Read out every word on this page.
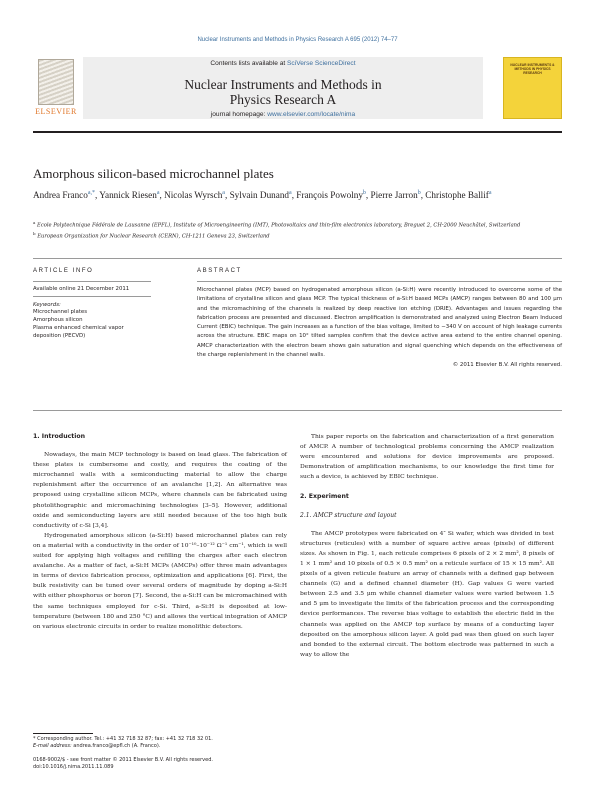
Nuclear Instruments and Methods in Physics Research A 695 (2012) 74–77
ELSEVIER
Contents lists available at SciVerse ScienceDirect
Nuclear Instruments and Methods in
Physics Research A
journal homepage: www.elsevier.com/locate/nima
NUCLEAR INSTRUMENTS & METHODS IN PHYSICS RESEARCH
Amorphous silicon-based microchannel plates
Andrea Franco$^{a,*}$, Yannick Riesen$^a$, Nicolas Wyrsch$^a$, Sylvain Dunand$^a$, François Powolny$^b$, Pierre Jarron$^b$, Christophe Ballif$^a$
$^a$ Ecole Polytechnique Fédérale de Lausanne (EPFL), Institute of Microengineering (IMT), Photovoltaics and thin-film electronics laboratory, Breguet 2, CH-2000 Neuchâtel, Switzerland
$^b$ European Organization for Nuclear Research (CERN), CH-1211 Geneva 23, Switzerland
ARTICLE INFO
Available online 21 December 2011
Keywords:
Microchannel plates
Amorphous silicon
Plasma enhanced chemical vapor
deposition (PECVD)
ABSTRACT
Microchannel plates (MCP) based on hydrogenated amorphous silicon (a-Si:H) were recently introduced to overcome some of the limitations of crystalline silicon and glass MCP. The typical thickness of a-Si:H based MCPs (AMCP) ranges between 80 and 100 μm and the micromachining of the channels is realized by deep reactive ion etching (DRIE). Advantages and issues regarding the fabrication process are presented and discussed. Electron amplification is demonstrated and analyzed using Electron Beam Induced Current (EBIC) technique. The gain increases as a function of the bias voltage, limited to −340 V on account of high leakage currents across the structure. EBIC maps on 10° tilted samples confirm that the device active area extend to the entire channel opening. AMCP characterization with the electron beam shows gain saturation and signal quenching which depends on the effectiveness of the charge replenishment in the channel walls.
© 2011 Elsevier B.V. All rights reserved.
1. Introduction

Nowadays, the main MCP technology is based on lead glass. The fabrication of these plates is cumbersome and costly, and requires the coating of the microchannel walls with a semiconducting material to allow the charge replenishment after the occurrence of an avalanche [1,2]. An alternative was proposed using crystalline silicon MCPs, where channels can be fabricated using photolithographic and micromachining technologies [3–5]. However, additional oxide and semiconducting layers are still needed because of the too high bulk conductivity of c-Si [3,4].

Hydrogenated amorphous silicon (a-Si:H) based microchannel plates can rely on a material with a conductivity in the order of 10⁻¹⁰–10⁻¹² Ω⁻¹ cm⁻¹, which is well suited for applying high voltages and refilling the charges after each electron avalanche. As a matter of fact, a-Si:H MCPs (AMCPs) offer three main advantages in terms of device fabrication process, optimization and applications [6]. First, the bulk resistivity can be tuned over several orders of magnitude by doping a-Si:H with either phosphorus or boron [7]. Second, the a-Si:H can be micromachined with the same techniques employed for c-Si. Third, a-Si:H is deposited at low-temperature (between 180 and 250 °C) and allows the vertical integration of AMCP on various electronic circuits in order to realize monolithic detectors.

This paper reports on the fabrication and characterization of a first generation of AMCP. A number of technological problems concerning the AMCP realization were encountered and solutions for device improvements are proposed. Demonstration of amplification mechanisms, to our knowledge the first time for such a device, is achieved by EBIC technique.

2. Experiment
2.1. AMCP structure and layout

The AMCP prototypes were fabricated on 4″ Si wafer, which was divided in test structures (reticules) with a number of square active areas (pixels) of different sizes. As shown in Fig. 1, each reticule comprises 6 pixels of 2 × 2 mm², 8 pixels of 1 × 1 mm² and 10 pixels of 0.5 × 0.5 mm² on a reticule surface of 15 × 15 mm². All pixels of a given reticule feature an array of channels with a defined gap between channels (G) and a defined channel diameter (H). Gap values G were varied between 2.5 and 3.5 μm while channel diameter values were varied between 1.5 and 5 μm to investigate the limits of the fabrication process and the corresponding device performances. The reverse bias voltage to establish the electric field in the channels was applied on the AMCP top surface by means of a conducting layer deposited on the amorphous silicon layer. A gold pad was then glued on such layer and bonded to the external circuit. The bottom electrode was patterned in such a way to allow the

* Corresponding author. Tel.: +41 32 718 32 87; fax: +41 32 718 32 01.
E-mail address: andrea.franco@epfl.ch (A. Franco).
0168-9002/$ - see front matter © 2011 Elsevier B.V. All rights reserved.
doi:10.1016/j.nima.2011.11.089
